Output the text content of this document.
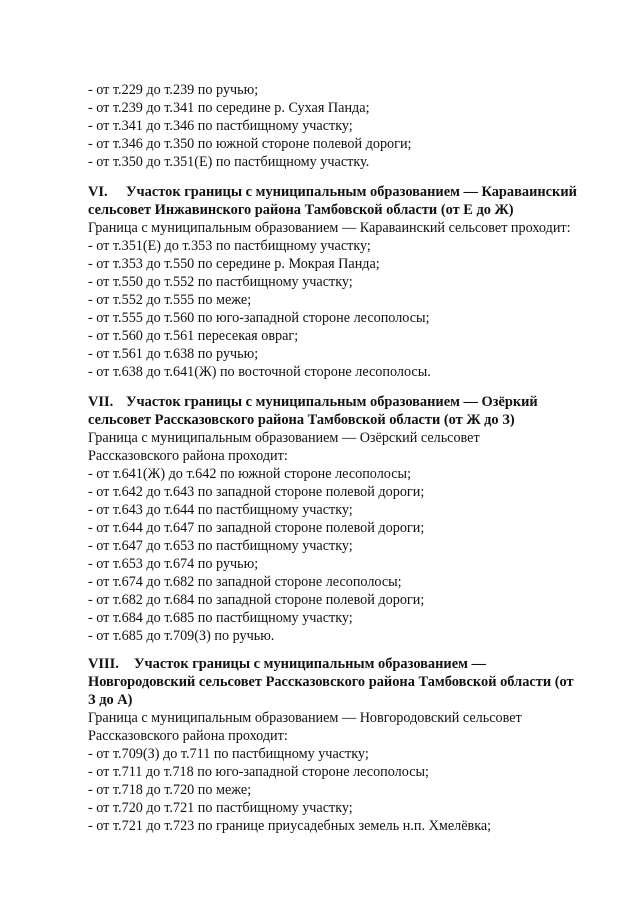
- от т.229 до т.239 по ручью;
- от т.239 до т.341 по середине р. Сухая Панда;
- от т.341 до т.346 по пастбищному участку;
- от т.346 до т.350 по южной стороне полевой дороги;
- от т.350 до т.351(Е) по пастбищному участку.
VI. Участок границы с муниципальным образованием — Караваинский
сельсовет Инжавинского района Тамбовской области (от Е до Ж)
Граница с муниципальным образованием — Караваинский сельсовет проходит:
- от т.351(Е) до т.353 по пастбищному участку;
- от т.353 до т.550 по середине р. Мокрая Панда;
- от т.550 до т.552 по пастбищному участку;
- от т.552 до т.555 по меже;
- от т.555 до т.560 по юго-западной стороне лесополосы;
- от т.560 до т.561 пересекая овраг;
- от т.561 до т.638 по ручью;
- от т.638 до т.641(Ж) по восточной стороне лесополосы.
VII. Участок границы с муниципальным образованием — Озёркий
сельсовет Рассказовского района Тамбовской области (от Ж до З)
Граница с муниципальным образованием — Озёрский сельсовет
Рассказовского района проходит:
- от т.641(Ж) до т.642 по южной стороне лесополосы;
- от т.642 до т.643 по западной стороне полевой дороги;
- от т.643 до т.644 по пастбищному участку;
- от т.644 до т.647 по западной стороне полевой дороги;
- от т.647 до т.653 по пастбищному участку;
- от т.653 до т.674 по ручью;
- от т.674 до т.682 по западной стороне лесополосы;
- от т.682 до т.684 по западной стороне полевой дороги;
- от т.684 до т.685 по пастбищному участку;
- от т.685 до т.709(З) по ручью.
VIII. Участок границы с муниципальным образованием —
Новгородовский сельсовет Рассказовского района Тамбовской области (от
З до А)
Граница с муниципальным образованием — Новгородовский сельсовет
Рассказовского района проходит:
- от т.709(З) до т.711 по пастбищному участку;
- от т.711 до т.718 по юго-западной стороне лесополосы;
- от т.718 до т.720 по меже;
- от т.720 до т.721 по пастбищному участку;
- от т.721 до т.723 по границе приусадебных земель н.п. Хмелёвка;
